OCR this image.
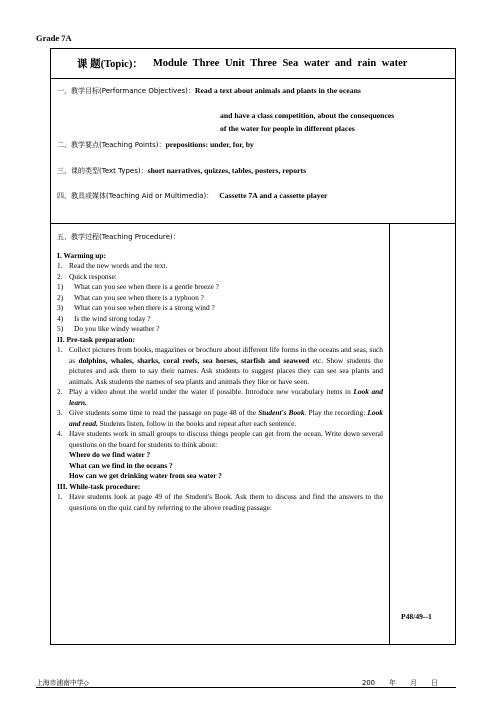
Grade 7A
课 题(Topic)： Module Three Unit Three Sea water and rain water
一、教学目标(Performance Objectives)：Read a text about animals and plants in the oceans
and have a class competition, about the consequences
of the water for people in different places
二、教学要点(Teaching Points)：prepositions: under, for, by
三、课的类型(Text Types)：short narratives, quizzes, tables, posters, reports
四、教具或媒体(Teaching Aid or Multimedia)： Cassette 7A and a cassette player
五、教学过程(Teaching Procedure)：
I. Warming up:
1. Read the new words and the text.
2. Quick response:
1)	What can you see when there is a gentle breeze ?
2)	What can you see when there is a typhoon ?
3)	What can you see when there is a strong wind ?
4)	Is the wind strong today ?
5)	Do you like windy weather ?
II. Pre-task preparation:
1. Collect pictures from books, magazines or brochure about different life forms in the oceans and seas, such as dolphins, whales, sharks, coral reefs, sea horses, starfish and seaweed etc. Show students the pictures and ask them to say their names. Ask students to suggest places they can see sea plants and animals. Ask students the names of sea plants and animals they like or have seen.
2. Play a video about the world under the water if possible. Introduce new vocabulary items in Look and learn.
3. Give students some time to read the passage on page 48 of the Student's Book. Play the recording: Look and read. Students listen, follow in the books and repeat after each sentence.
4. Have students work in small groups to discuss things people can get from the ocean. Write down several questions on the board for students to think about:
Where do we find water ?
What can we find in the oceans ?
How can we get drinking water from sea water ?
III. While-task procedure:
1. Have students look at page 49 of the Student's Book. Ask them to discuss and find the answers to the questions on the quiz card by referring to the above reading passage.
P48/49--1
上海市浦南中学◇	200 年 月 日
